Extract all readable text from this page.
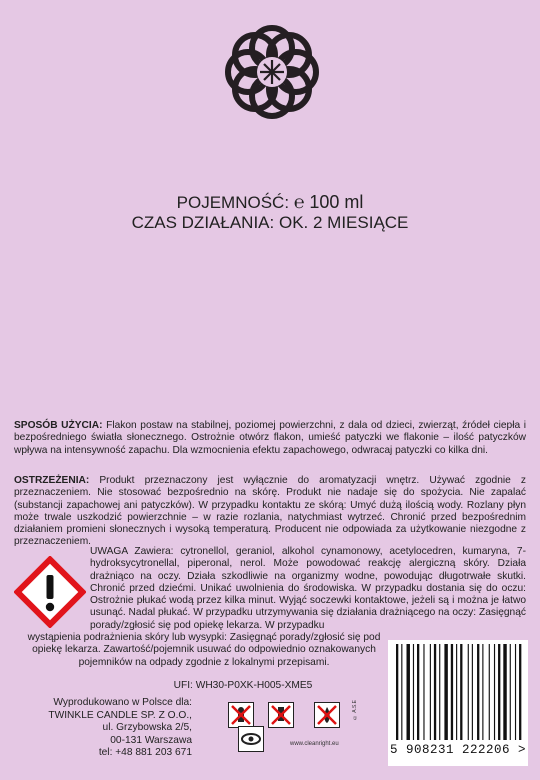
POJEMNOŚĆ: ℮ 100 ml
CZAS DZIAŁANIA: OK. 2 MIESIĄCE
SPOSÓB UŻYCIA: Flakon postaw na stabilnej, poziomej powierzchni, z dala od dzieci, zwierząt, źródeł ciepła i bezpośredniego światła słonecznego. Ostrożnie otwórz flakon, umieść patyczki we flakonie – ilość patyczków wpływa na intensywność zapachu. Dla wzmocnienia efektu zapachowego, odwracaj patyczki co kilka dni.
OSTRZEŻENIA: Produkt przeznaczony jest wyłącznie do aromatyzacji wnętrz. Używać zgodnie z przeznaczeniem. Nie stosować bezpośrednio na skórę. Produkt nie nadaje się do spożycia. Nie zapalać (substancji zapachowej ani patyczków). W przypadku kontaktu ze skórą: Umyć dużą ilością wody. Rozlany płyn może trwale uszkodzić powierzchnie – w razie rozlania, natychmiast wytrzeć. Chronić przed bezpośrednim działaniem promieni słonecznych i wysoką temperaturą. Producent nie odpowiada za użytkowanie niezgodne z przeznaczeniem.
UWAGA Zawiera: cytronellol, geraniol, alkohol cynamonowy, acetylocedren, kumaryna, 7-hydroksycytronellal, piperonal, nerol. Może powodować reakcję alergiczną skóry. Działa drażniąco na oczy. Działa szkodliwie na organizmy wodne, powodując długotrwałe skutki. Chronić przed dziećmi. Unikać uwolnienia do środowiska. W przypadku dostania się do oczu: Ostrożnie płukać wodą przez kilka minut. Wyjąć soczewki kontaktowe, jeżeli są i można je łatwo usunąć. Nadal płukać. W przypadku utrzymywania się działania drażniącego na oczy: Zasięgnąć porady/zgłosić się pod opiekę lekarza. W przypadku
wystąpienia podrażnienia skóry lub wysypki: Zasięgnąć porady/zgłosić się pod opiekę lekarza. Zawartość/pojemnik usuwać do odpowiednio oznakowanych pojemników na odpady zgodnie z lokalnymi przepisami.
UFI: WH30-P0XK-H005-XME5
Wyprodukowano w Polsce dla:
TWINKLE CANDLE SP. Z O.O.,
ul. Grzybowska 2/5,
00-131 Warszawa
tel: +48 881 203 671
© A.S.E
www.cleanright.eu	5 908231 222206 >
